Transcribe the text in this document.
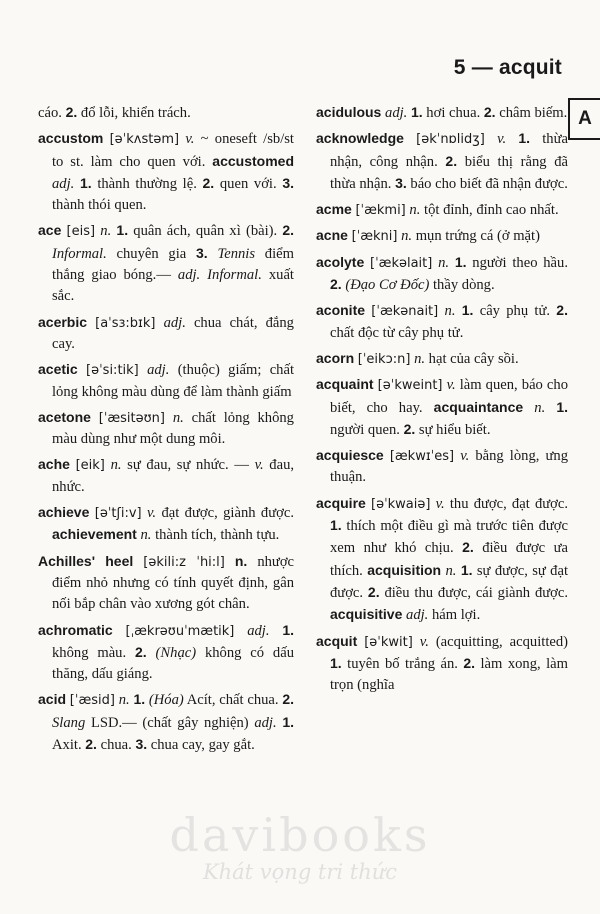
5 — acquit
A

cáo. 2. đổ lỗi, khiển trách.

accustom [əˈkʌstəm] v. ~ oneseft /sb/st to st. làm cho quen với. accustomed adj. 1. thành thường lệ. 2. quen với. 3. thành thói quen.

ace [eis] n. 1. quân ách, quân xì (bài). 2. Informal. chuyên gia 3. Tennis điểm thắng giao bóng.— adj. Informal. xuất sắc.

acerbic [aˈsɜ:bɪk] adj. chua chát, đắng cay.

acetic [əˈsi:tik] adj. (thuộc) giấm; chất lỏng không màu dùng để làm thành giấm

acetone [ˈæsitəʊn] n. chất lỏng không màu dùng như một dung môi.

ache [eik] n. sự đau, sự nhức. — v. đau, nhức.

achieve [əˈtʃi:v] v. đạt được, giành được. achievement n. thành tích, thành tựu.

Achilles' heel [əkili:z ˈhi:l] n. nhược điểm nhỏ nhưng có tính quyết định, gân nối bắp chân vào xương gót chân.

achromatic [ˌækrəʊuˈmætik] adj. 1. không màu. 2. (Nhạc) không có dấu thăng, dấu giáng.

acid [ˈæsid] n. 1. (Hóa) Acít, chất chua. 2. Slang LSD.— (chất gây nghiện) adj. 1. Axit. 2. chua. 3. chua cay, gay gắt.

acidulous adj. 1. hơi chua. 2. châm biếm.

acknowledge [əkˈnɒlidʒ] v. 1. thừa nhận, công nhận. 2. biểu thị rằng đã thừa nhận. 3. báo cho biết đã nhận được.

acme [ˈækmi] n. tột đỉnh, đỉnh cao nhất.

acne [ˈækni] n. mụn trứng cá (ở mặt)

acolyte [ˈækəlait] n. 1. người theo hầu. 2. (Đạo Cơ Đốc) thầy dòng.

aconite [ˈækənait] n. 1. cây phụ tử. 2. chất độc từ cây phụ tử.

acorn [ˈeikɔ:n] n. hạt của cây sồi.

acquaint [əˈkweint] v. làm quen, báo cho biết, cho hay. acquaintance n. 1. người quen. 2. sự hiểu biết.

acquiesce [ækwɪˈes] v. bằng lòng, ưng thuận.

acquire [əˈkwaiə] v. thu được, đạt được. 1. thích một điều gì mà trước tiên được xem như khó chịu. 2. điều được ưa thích. acquisition n. 1. sự được, sự đạt được. 2. điều thu được, cái giành được. acquisitive adj. hám lợi.

acquit [əˈkwit] v. (acquitting, acquitted) 1. tuyên bố trắng án. 2. làm xong, làm trọn (nghĩa

davibooks
Khát vọng tri thức
